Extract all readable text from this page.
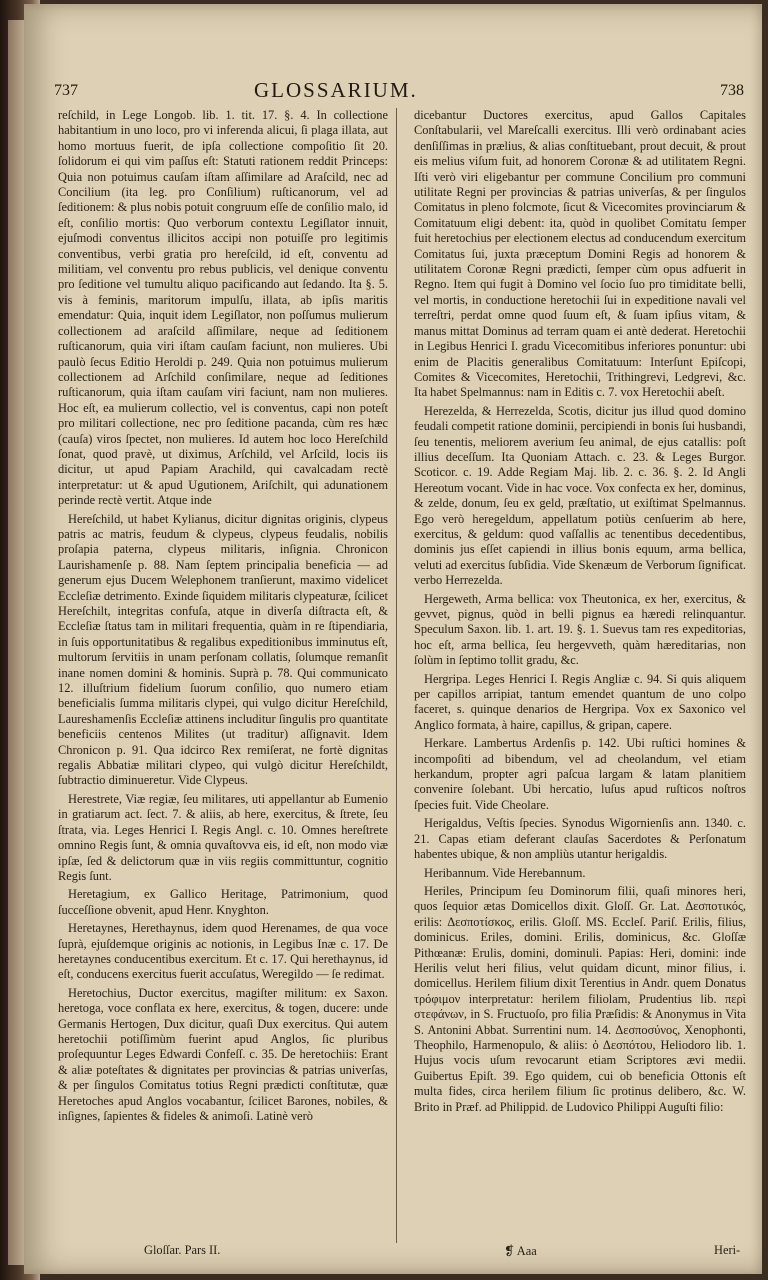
737	GLOSSARIUM.	738

reſchild, in Lege Longob. lib. 1. tit. 17. §. 4. In collectione habitantium in uno loco, pro vi inferenda alicui, ſi plaga illata, aut homo mortuus fuerit, de ipſa collectione compoſitio ſit 20. ſolidorum ei qui vim paſſus eſt: Statuti rationem reddit Princeps: Quia non potuimus cauſam iſtam aſſimilare ad Araſcild, nec ad Concilium (ita leg. pro Conſilium) ruſticanorum, vel ad ſeditionem: & plus nobis potuit congruum eſſe de conſilio malo, id eſt, conſilio mortis: Quo verborum contextu Legiſlator innuit, ejuſmodi conventus illicitos accipi non potuiſſe pro legitimis conventibus, verbi gratia pro hereſcild, id eſt, conventu ad militiam, vel conventu pro rebus publicis, vel denique conventu pro ſeditione vel tumultu aliquo pacificando aut ſedando. Ita §. 5. vis à feminis, maritorum impulſu, illata, ab ipſis maritis emendatur: Quia, inquit idem Legiſlator, non poſſumus mulierum collectionem ad araſcild aſſimilare, neque ad ſeditionem ruſticanorum, quia viri iſtam cauſam faciunt, non mulieres. Ubi paulò ſecus Editio Heroldi p. 249. Quia non potuimus mulierum collectionem ad Arſchild conſimilare, neque ad ſeditiones ruſticanorum, quia iſtam cauſam viri faciunt, nam non mulieres. Hoc eſt, ea mulierum collectio, vel is conventus, capi non poteſt pro militari collectione, nec pro ſeditione pacanda, cùm res hæc (cauſa) viros ſpectet, non mulieres. Id autem hoc loco Hereſchild ſonat, quod pravè, ut diximus, Arſchild, vel Arſcild, locis iis dicitur, ut apud Papiam Arachild, qui cavalcadam rectè interpretatur: ut & apud Ugutionem, Ariſchilt, qui adunationem perinde rectè vertit. Atque inde

Hereſchild, ut habet Kylianus, dicitur dignitas originis, clypeus patris ac matris, feudum & clypeus, clypeus feudalis, nobilis proſapia paterna, clypeus militaris, inſignia. Chronicon Laurishamenſe p. 88. Nam ſeptem principalia beneficia — ad generum ejus Ducem Welephonem tranſierunt, maximo videlicet Eccleſiæ detrimento. Exinde ſiquidem militaris clypeaturæ, ſcilicet Hereſchilt, integritas confuſa, atque in diverſa diſtracta eſt, & Eccleſiæ ſtatus tam in militari frequentia, quàm in re ſtipendiaria, in ſuis opportunitatibus & regalibus expeditionibus imminutus eſt, multorum ſervitiis in unam perſonam collatis, ſolumque remanſit inane nomen domini & hominis. Suprà p. 78. Qui communicato 12. illuſtrium fidelium ſuorum conſilio, quo numero etiam beneficialis ſumma militaris clypei, qui vulgo dicitur Hereſchild, Laureshamenſis Eccleſiæ attinens includitur ſingulis pro quantitate beneficiis centenos Milites (ut traditur) aſſignavit. Idem Chronicon p. 91. Qua idcirco Rex remiſerat, ne fortè dignitas regalis Abbatiæ militari clypeo, qui vulgò dicitur Hereſchildt, ſubtractio diminueretur. Vide Clypeus.

Herestrete, Viæ regiæ, ſeu militares, uti appellantur ab Eumenio in gratiarum act. ſect. 7. & aliis, ab here, exercitus, & ſtrete, ſeu ſtrata, via. Leges Henrici I. Regis Angl. c. 10. Omnes hereſtrete omnino Regis ſunt, & omnia quvaſtovva eis, id eſt, non modo viæ ipſæ, ſed & delictorum quæ in viis regiis committuntur, cognitio Regis ſunt.

Heretagium, ex Gallico Heritage, Patrimonium, quod ſucceſſione obvenit, apud Henr. Knyghton.

Heretaynes, Herethaynus, idem quod Herenames, de qua voce ſuprà, ejuſdemque originis ac notionis, in Legibus Inæ c. 17. De heretaynes conducentibus exercitum. Et c. 17. Qui herethaynus, id eſt, conducens exercitus fuerit accuſatus, Weregildo — ſe redimat.

Heretochius, Ductor exercitus, magiſter militum: ex Saxon. heretoga, voce conflata ex here, exercitus, & togen, ducere: unde Germanis Hertogen, Dux dicitur, quaſi Dux exercitus. Qui autem heretochii potiſſimùm fuerint apud Anglos, ſic pluribus proſequuntur Leges Edwardi Confeſſ. c. 35. De heretochiis: Erant & aliæ poteſtates & dignitates per provincias & patrias univerſas, & per ſingulos Comitatus totius Regni prædicti conſtitutæ, quæ Heretoches apud Anglos vocabantur, ſcilicet Barones, nobiles, & inſignes, ſapientes & fideles & animoſi. Latinè verò

dicebantur Ductores exercitus, apud Gallos Capitales Conſtabularii, vel Mareſcalli exercitus. Illi verò ordinabant acies denſiſſimas in prælius, & alias conſtituebant, prout decuit, & prout eis melius viſum fuit, ad honorem Coronæ & ad utilitatem Regni. Iſti verò viri eligebantur per commune Concilium pro communi utilitate Regni per provincias & patrias univerſas, & per ſingulos Comitatus in pleno folcmote, ſicut & Vicecomites provinciarum & Comitatuum eligi debent: ita, quòd in quolibet Comitatu ſemper fuit heretochius per electionem electus ad conducendum exercitum Comitatus ſui, juxta præceptum Domini Regis ad honorem & utilitatem Coronæ Regni prædicti, ſemper cùm opus adfuerit in Regno. Item qui fugit à Domino vel ſocio ſuo pro timiditate belli, vel mortis, in conductione heretochii ſui in expeditione navali vel terreſtri, perdat omne quod ſuum eſt, & ſuam ipſius vitam, & manus mittat Dominus ad terram quam ei antè dederat. Heretochii in Legibus Henrici I. gradu Vicecomitibus inferiores ponuntur: ubi enim de Placitis generalibus Comitatuum: Interſunt Epiſcopi, Comites & Vicecomites, Heretochii, Trithingrevi, Ledgrevi, &c. Ita habet Spelmannus: nam in Editis c. 7. vox Heretochii abeſt.

Herezelda, & Herrezelda, Scotis, dicitur jus illud quod domino feudali competit ratione dominii, percipiendi in bonis ſui husbandi, ſeu tenentis, meliorem averium ſeu animal, de ejus catallis: poſt illius deceſſum. Ita Quoniam Attach. c. 23. & Leges Burgor. Scoticor. c. 19. Adde Regiam Maj. lib. 2. c. 36. §. 2. Id Angli Hereotum vocant. Vide in hac voce. Vox confecta ex her, dominus, & zelde, donum, ſeu ex geld, præſtatio, ut exiſtimat Spelmannus. Ego verò heregeldum, appellatum potiùs cenſuerim ab here, exercitus, & geldum: quod vaſſallis ac tenentibus decedentibus, dominis jus eſſet capiendi in illius bonis equum, arma bellica, veluti ad exercitus ſubſidia. Vide Skenæum de Verborum ſignificat. verbo Herrezelda.

Hergeweth, Arma bellica: vox Theutonica, ex her, exercitus, & gevvet, pignus, quòd in belli pignus ea hæredi relinquantur. Speculum Saxon. lib. 1. art. 19. §. 1. Suevus tam res expeditorias, hoc eſt, arma bellica, ſeu hergevveth, quàm hæreditarias, non ſolùm in ſeptimo tollit gradu, &c.

Hergripa. Leges Henrici I. Regis Angliæ c. 94. Si quis aliquem per capillos arripiat, tantum emendet quantum de uno colpo faceret, s. quinque denarios de Hergripa. Vox ex Saxonico vel Anglico formata, à haire, capillus, & gripan, capere.

Herkare. Lambertus Ardenſis p. 142. Ubi ruſtici homines & incompoſiti ad bibendum, vel ad cheolandum, vel etiam herkandum, propter agri paſcua largam & latam planitiem convenire ſolebant. Ubi hercatio, luſus apud ruſticos noſtros ſpecies fuit. Vide Cheolare.

Herigaldus, Veſtis ſpecies. Synodus Wigornienſis ann. 1340. c. 21. Capas etiam deferant clauſas Sacerdotes & Perſonatum habentes ubique, & non ampliùs utantur herigaldis.

Heribannum. Vide Herebannum.

Heriles, Principum ſeu Dominorum filii, quaſi minores heri, quos ſequior ætas Domicellos dixit. Gloſſ. Gr. Lat. Δεσποτικός, erilis: Δεσποτίσκος, erilis. Gloſſ. MS. Eccleſ. Pariſ. Erilis, filius, dominicus. Eriles, domini. Erilis, dominicus, &c. Gloſſæ Pithœanæ: Erulis, domini, dominuli. Papias: Heri, domini: inde Herilis velut heri filius, velut quidam dicunt, minor filius, i. domicellus. Herilem filium dixit Terentius in Andr. quem Donatus τρόφιμον interpretatur: herilem filiolam, Prudentius lib. περὶ στεφάνων, in S. Fructuoſo, pro filia Præſidis: & Anonymus in Vita S. Antonini Abbat. Surrentini num. 14. Δεσποσύνος, Xenophonti, Theophilo, Harmenopulo, & aliis: ὁ Δεσπότου, Heliodoro lib. 1. Hujus vocis uſum revocarunt etiam Scriptores ævi medii. Guibertus Epiſt. 39. Ego quidem, cui ob beneficia Ottonis eſt multa fides, circa herilem filium ſic protinus delibero, &c. W. Brito in Præf. ad Philippid. de Ludovico Philippi Auguſti filio:

Gloſſar. Pars II.	❡ Aaa	Heri-
